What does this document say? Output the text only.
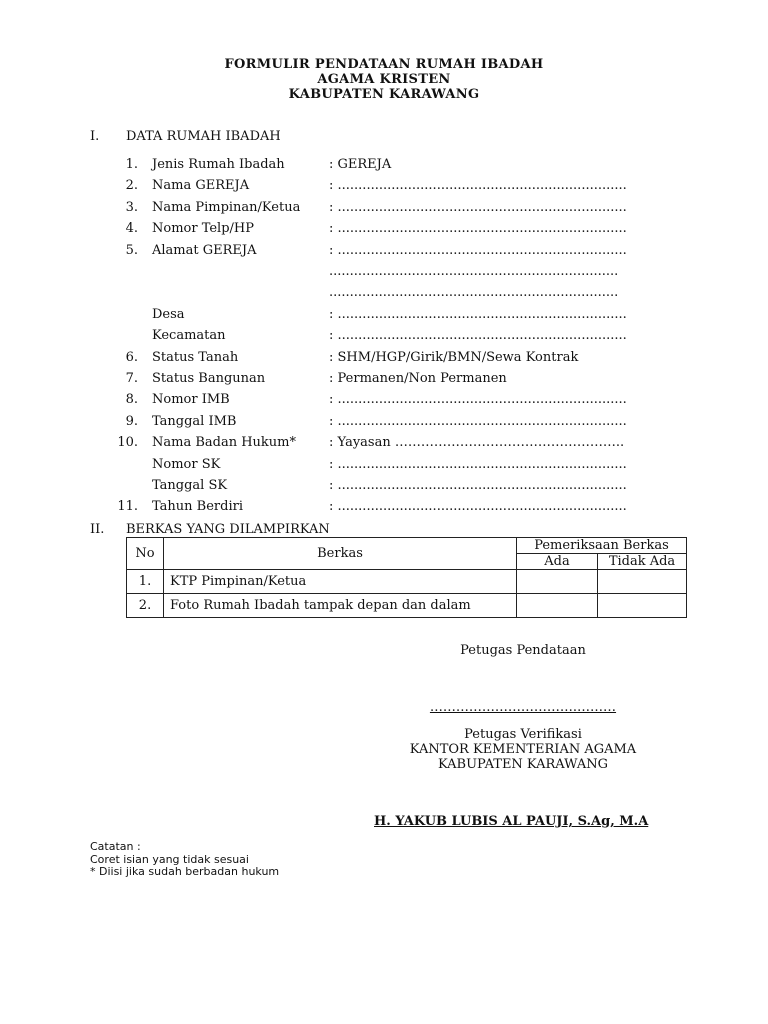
FORMULIR PENDATAAN RUMAH IBADAH
AGAMA KRISTEN
KABUPATEN KARAWANG
I. DATA RUMAH IBADAH
1. Jenis Rumah Ibadah	: GEREJA
2. Nama GEREJA	: ......................................................................
3. Nama Pimpinan/Ketua : ......................................................................
4. Nomor Telp/HP	: ......................................................................
5. Alamat GEREJA	: ......................................................................
......................................................................
......................................................................
Desa	: ......................................................................
Kecamatan	: ......................................................................
6. Status Tanah	: SHM/HGP/Girik/BMN/Sewa Kontrak
7. Status Bangunan	: Permanen/Non Permanen
8. Nomor IMB	: ......................................................................
9. Tanggal IMB	: ......................................................................
10. Nama Badan Hukum*	: Yayasan ……………………………………………..
Nomor SK	: ......................................................................
Tanggal SK	: ......................................................................
11. Tahun Berdiri	: ......................................................................
II. BERKAS YANG DILAMPIRKAN
No	Berkas	Pemeriksaan Berkas	
		Ada	Tidak Ada
1.	KTP Pimpinan/Ketua		
2.	Foto Rumah Ibadah tampak depan dan dalam		
Petugas Pendataan
…………………………….………
Petugas Verifikasi
KANTOR KEMENTERIAN AGAMA
KABUPATEN KARAWANG
H. YAKUB LUBIS AL PAUJI, S.Ag, M.A
Catatan :
Coret isian yang tidak sesuai
* Diisi jika sudah berbadan hukum
